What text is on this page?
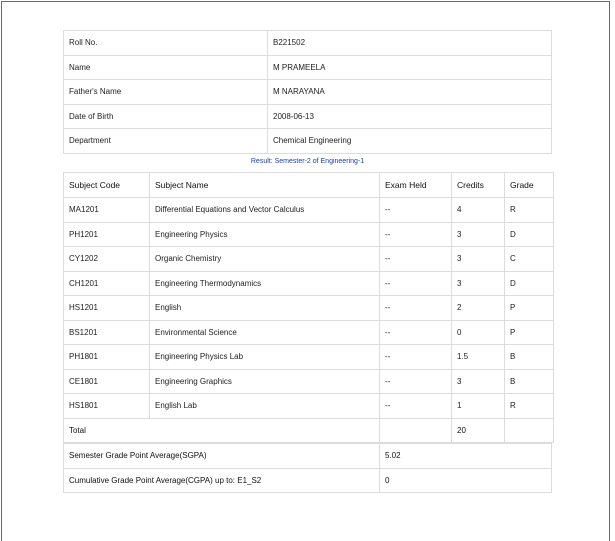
Roll No.	B221502
Name	M PRAMEELA
Father's Name	M NARAYANA
Date of Birth	2008-06-13
Department	Chemical Engineering
Result: Semester-2 of Engineering-1
Subject Code	Subject Name	Exam Held	Credits	Grade
MA1201	Differential Equations and Vector Calculus	--	4	R
PH1201	Engineering Physics	--	3	D
CY1202	Organic Chemistry	--	3	C
CH1201	Engineering Thermodynamics	--	3	D
HS1201	English	--	2	P
BS1201	Environmental Science	--	0	P
PH1801	Engineering Physics Lab	--	1.5	B
CE1801	Engineering Graphics	--	3	B
HS1801	English Lab	--	1	R
Total			20	
Semester Grade Point Average(SGPA)	5.02
Cumulative Grade Point Average(CGPA) up to: E1_S2	0
